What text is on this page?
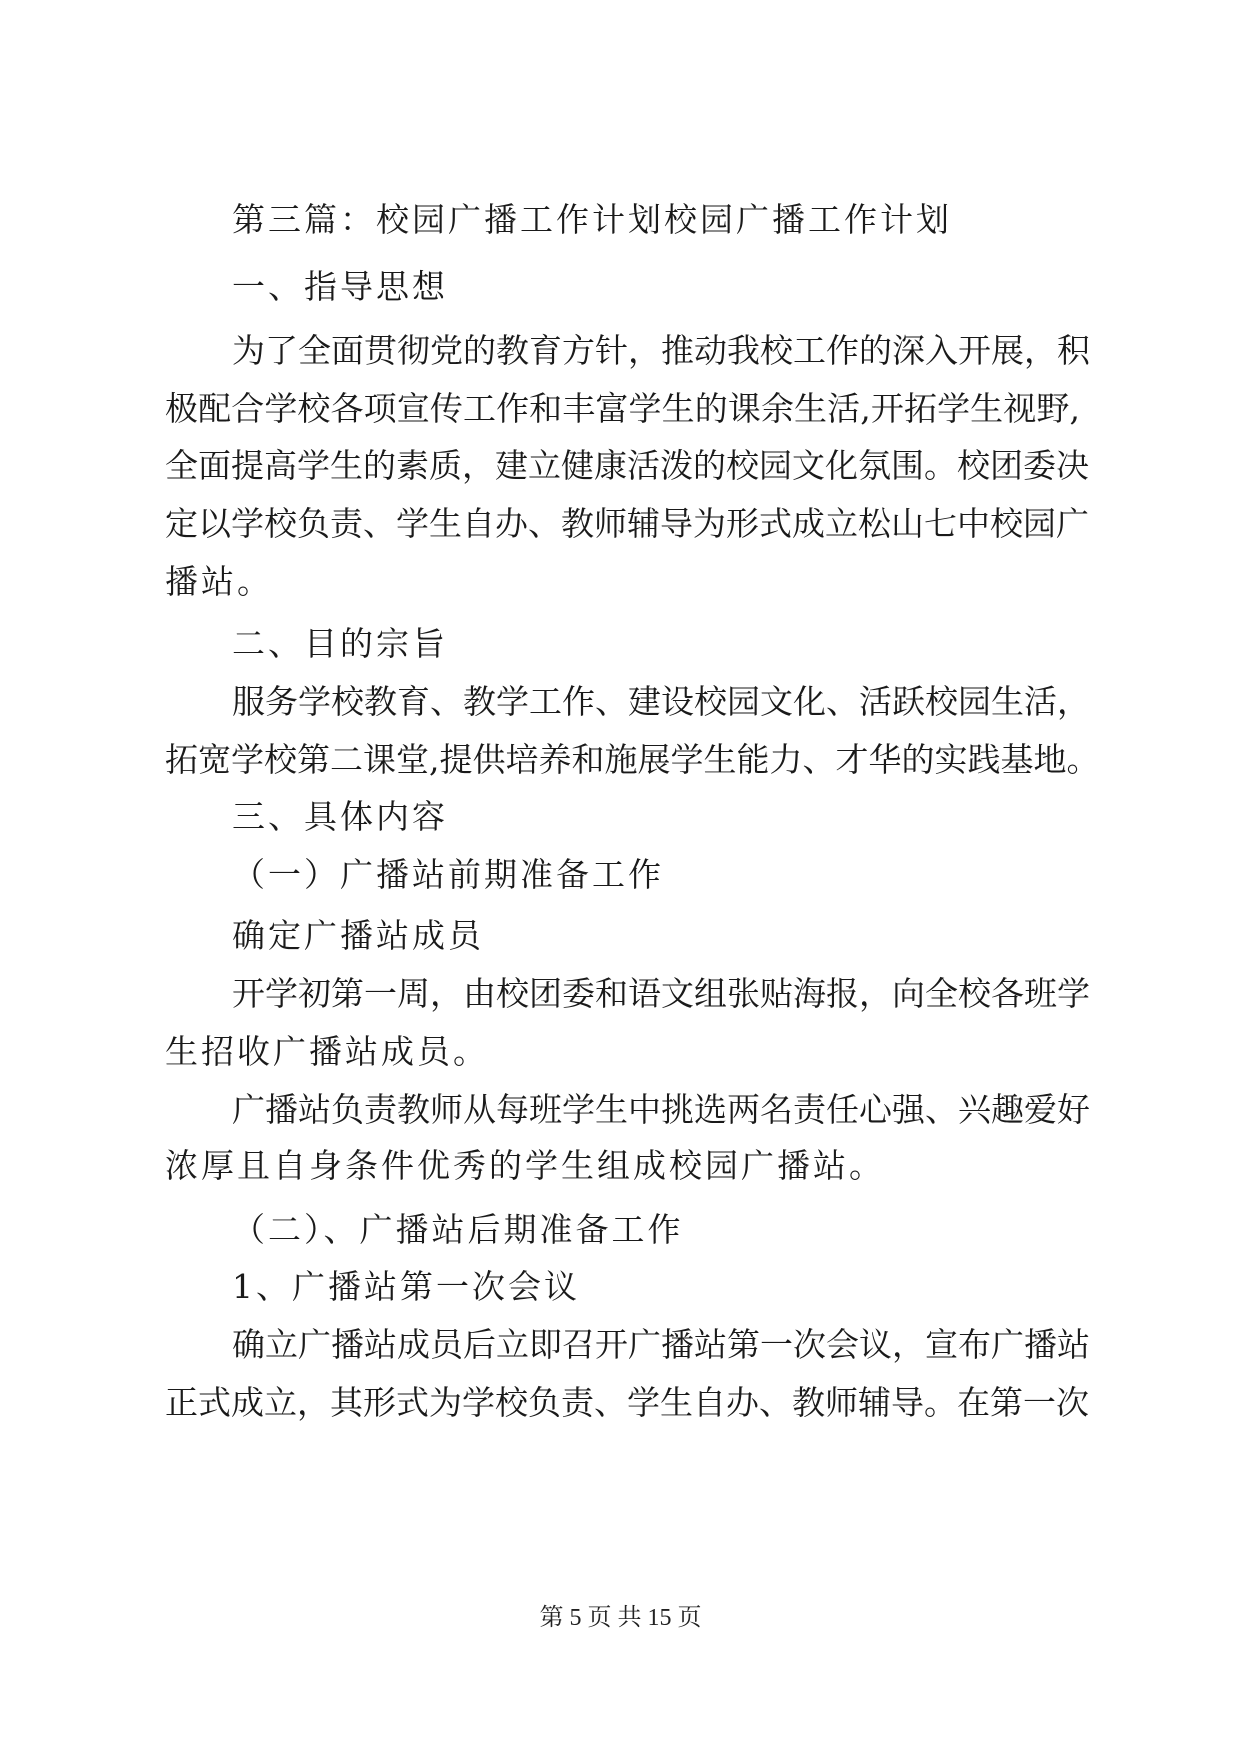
第三篇：校园广播工作计划校园广播工作计划
一、指导思想
为了全面贯彻党的教育方针，推动我校工作的深入开展，积
极配合学校各项宣传工作和丰富学生的课余生活,开拓学生视野,
全面提高学生的素质，建立健康活泼的校园文化氛围。校团委决
定以学校负责、学生自办、教师辅导为形式成立松山七中校园广
播站。
二、目的宗旨
服务学校教育、教学工作、建设校园文化、活跃校园生活，
拓宽学校第二课堂,提供培养和施展学生能力、才华的实践基地。
三、具体内容
（一）广播站前期准备工作
确定广播站成员
开学初第一周，由校团委和语文组张贴海报，向全校各班学
生招收广播站成员。
广播站负责教师从每班学生中挑选两名责任心强、兴趣爱好
浓厚且自身条件优秀的学生组成校园广播站。
（二）、广播站后期准备工作
1、广播站第一次会议
确立广播站成员后立即召开广播站第一次会议，宣布广播站
正式成立，其形式为学校负责、学生自办、教师辅导。在第一次
第 5 页 共 15 页
